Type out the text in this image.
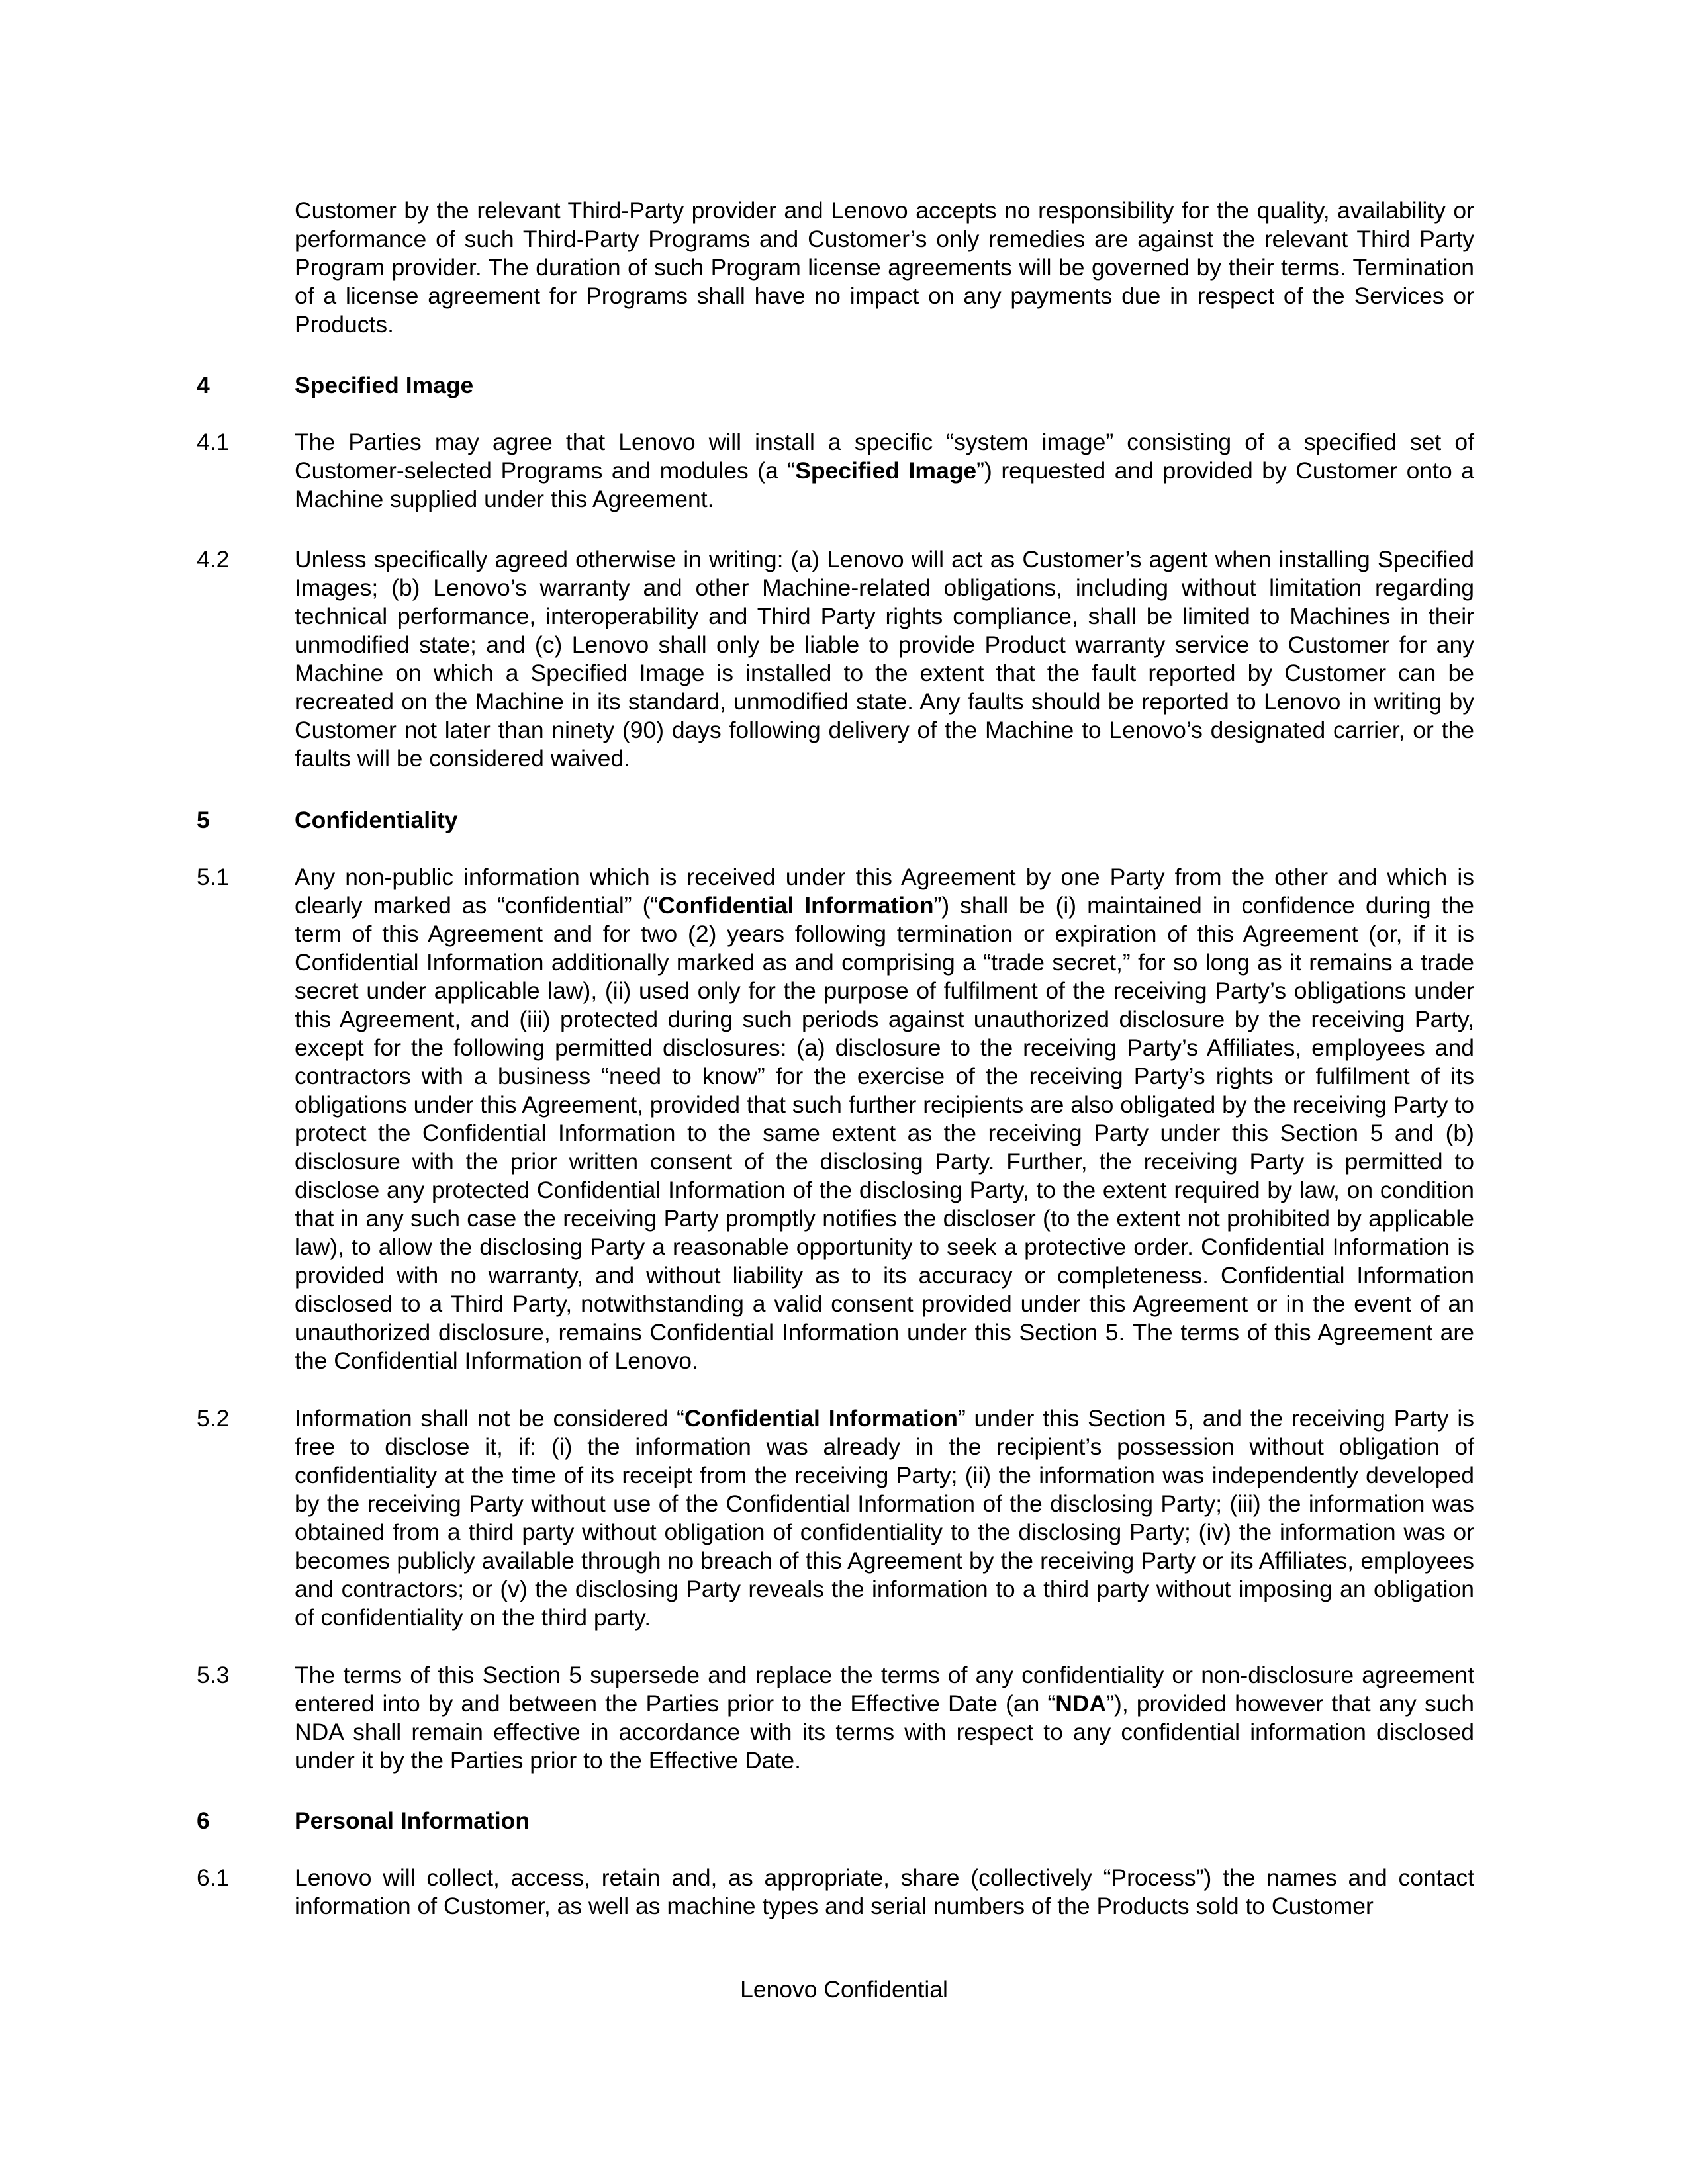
Customer by the relevant Third-Party provider and Lenovo accepts no responsibility for the quality, availability or performance of such Third-Party Programs and Customer’s only remedies are against the relevant Third Party Program provider. The duration of such Program license agreements will be governed by their terms. Termination of a license agreement for Programs shall have no impact on any payments due in respect of the Services or Products.

4	Specified Image
4.1	The Parties may agree that Lenovo will install a specific “system image” consisting of a specified set of Customer-selected Programs and modules (a “Specified Image”) requested and provided by Customer onto a Machine supplied under this Agreement.

4.2	Unless specifically agreed otherwise in writing: (a) Lenovo will act as Customer’s agent when installing Specified Images; (b) Lenovo’s warranty and other Machine-related obligations, including without limitation regarding technical performance, interoperability and Third Party rights compliance, shall be limited to Machines in their unmodified state; and (c) Lenovo shall only be liable to provide Product warranty service to Customer for any Machine on which a Specified Image is installed to the extent that the fault reported by Customer can be recreated on the Machine in its standard, unmodified state. Any faults should be reported to Lenovo in writing by Customer not later than ninety (90) days following delivery of the Machine to Lenovo’s designated carrier, or the faults will be considered waived.

5	Confidentiality
5.1	Any non-public information which is received under this Agreement by one Party from the other and which is clearly marked as “confidential” (“Confidential Information”) shall be (i) maintained in confidence during the term of this Agreement and for two (2) years following termination or expiration of this Agreement (or, if it is Confidential Information additionally marked as and comprising a “trade secret,” for so long as it remains a trade secret under applicable law), (ii) used only for the purpose of fulfilment of the receiving Party’s obligations under this Agreement, and (iii) protected during such periods against unauthorized disclosure by the receiving Party, except for the following permitted disclosures: (a) disclosure to the receiving Party’s Affiliates, employees and contractors with a business “need to know” for the exercise of the receiving Party’s rights or fulfilment of its obligations under this Agreement, provided that such further recipients are also obligated by the receiving Party to protect the Confidential Information to the same extent as the receiving Party under this Section 5 and (b) disclosure with the prior written consent of the disclosing Party. Further, the receiving Party is permitted to disclose any protected Confidential Information of the disclosing Party, to the extent required by law, on condition that in any such case the receiving Party promptly notifies the discloser (to the extent not prohibited by applicable law), to allow the disclosing Party a reasonable opportunity to seek a protective order. Confidential Information is provided with no warranty, and without liability as to its accuracy or completeness. Confidential Information disclosed to a Third Party, notwithstanding a valid consent provided under this Agreement or in the event of an unauthorized disclosure, remains Confidential Information under this Section 5. The terms of this Agreement are the Confidential Information of Lenovo.

5.2	Information shall not be considered “Confidential Information” under this Section 5, and the receiving Party is free to disclose it, if: (i) the information was already in the recipient’s possession without obligation of confidentiality at the time of its receipt from the receiving Party; (ii) the information was independently developed by the receiving Party without use of the Confidential Information of the disclosing Party; (iii) the information was obtained from a third party without obligation of confidentiality to the disclosing Party; (iv) the information was or becomes publicly available through no breach of this Agreement by the receiving Party or its Affiliates, employees and contractors; or (v) the disclosing Party reveals the information to a third party without imposing an obligation of confidentiality on the third party.

5.3	The terms of this Section 5 supersede and replace the terms of any confidentiality or non-disclosure agreement entered into by and between the Parties prior to the Effective Date (an “NDA”), provided however that any such NDA shall remain effective in accordance with its terms with respect to any confidential information disclosed under it by the Parties prior to the Effective Date.

6	Personal Information
6.1	Lenovo will collect, access, retain and, as appropriate, share (collectively “Process”) the names and contact information of Customer, as well as machine types and serial numbers of the Products sold to Customer

Lenovo Confidential
